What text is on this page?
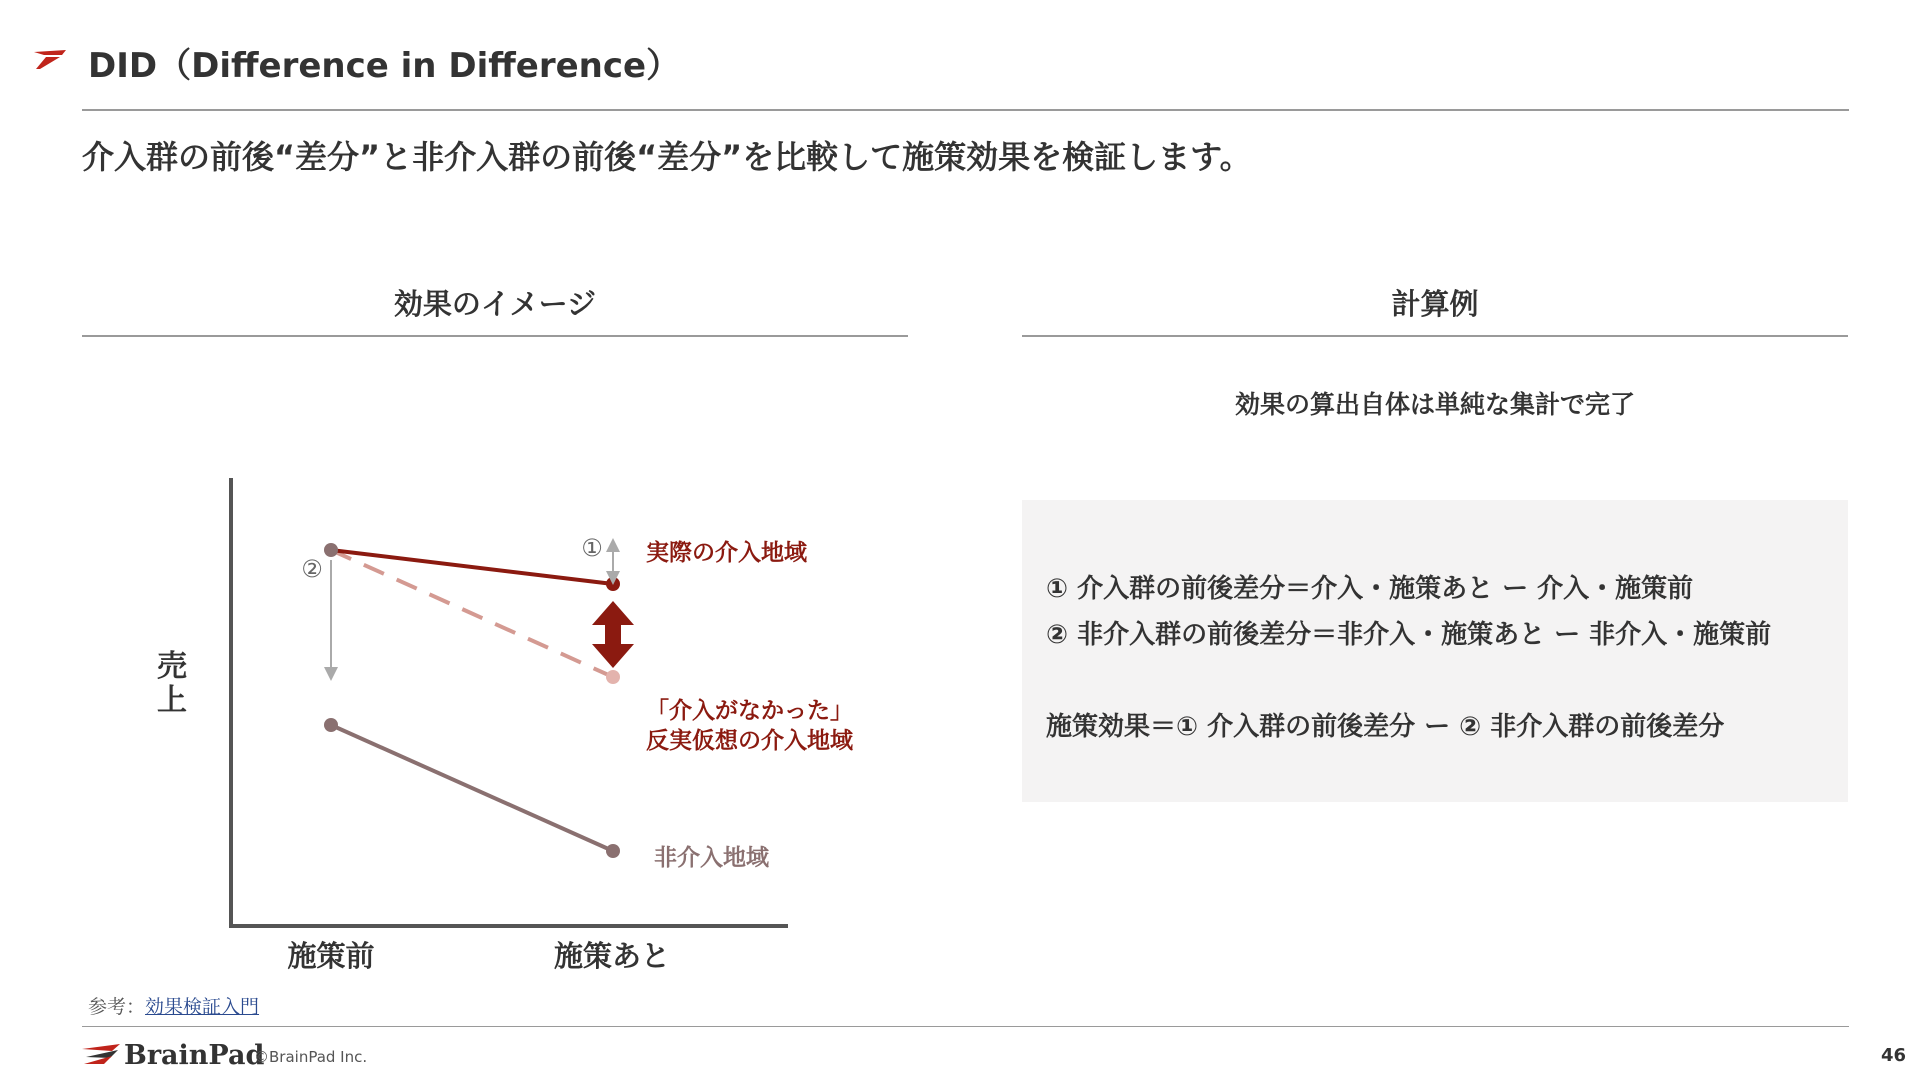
DID（Difference in Difference）
介入群の前後“差分”と非介入群の前後“差分”を比較して施策効果を検証します。
効果のイメージ	計算例
効果の算出自体は単純な集計で完了
① 介入群の前後差分＝介入・施策あと ー 介入・施策前
② 非介入群の前後差分＝非介入・施策あと ー 非介入・施策前
施策効果＝① 介入群の前後差分 ー ② 非介入群の前後差分
売
上
施策前	施策あと
①
②
実際の介入地域
「介入がなかった」
反実仮想の介入地域
非介入地域
参考：効果検証入門
BrainPad
©BrainPad Inc.	46
